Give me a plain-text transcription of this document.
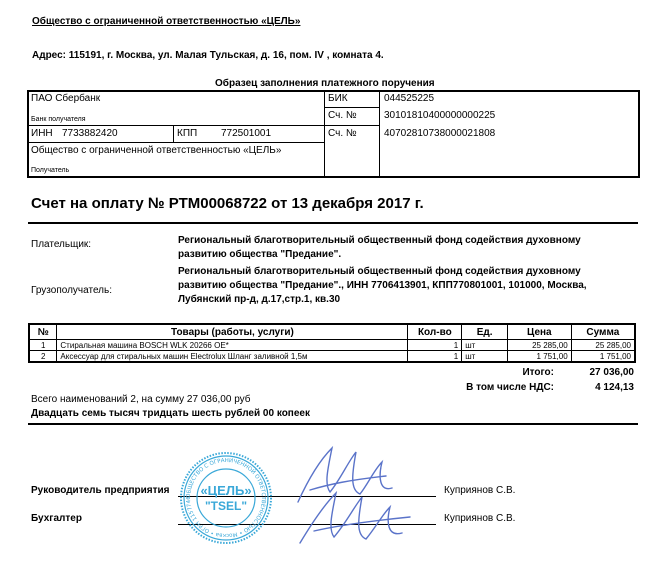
Общество с ограниченной ответственностью «ЦЕЛЬ»
Адрес: 115191, г. Москва, ул. Малая Тульская, д. 16, пом. IV , комната 4.
Образец заполнения платежного поручения
ПАО Сбербанк
Банк получателя
БИК	044525225
Сч. №	30101810400000000225
ИНН 7733882420	КПП 772501001	Сч. №	40702810738000021808
Общество с ограниченной ответственностью «ЦЕЛЬ»
Получатель
Счет на оплату № РТМ00068722 от 13 декабря 2017 г.
Плательщик:	Региональный благотворительный общественный фонд содействия духовному развитию общества "Предание".
Грузополучатель:
Региональный благотворительный общественный фонд содействия духовному развитию общества "Предание"., ИНН 7706413901, КПП770801001, 101000, Москва, Лубянский пр-д, д.17,стр.1, кв.30
№	Товары (работы, услуги)	Кол-во	Ед.	Цена	Сумма
1	Стиральная машина BOSCH WLK 20266 OE*	1	шт	25 285,00	25 285,00
2	Аксессуар для стиральных машин Electrolux Шланг заливной 1,5м	1	шт	1 751,00	1 751,00
Итого:	27 036,00
В том числе НДС:	4 124,13
Всего наименований 2, на сумму 27 036,00 руб
Двадцать семь тысяч тридцать шесть рублей 00 копеек
Руководитель предприятия	Куприянов С.В.
Бухгалтер	Куприянов С.В.
ОБЩЕСТВО С ОГРАНИЧЕННОЙ ОТВЕТСТВЕННОСТЬЮ • Москва • ОГРН 1157746
«ЦЕЛЬ»
"TSEL"
